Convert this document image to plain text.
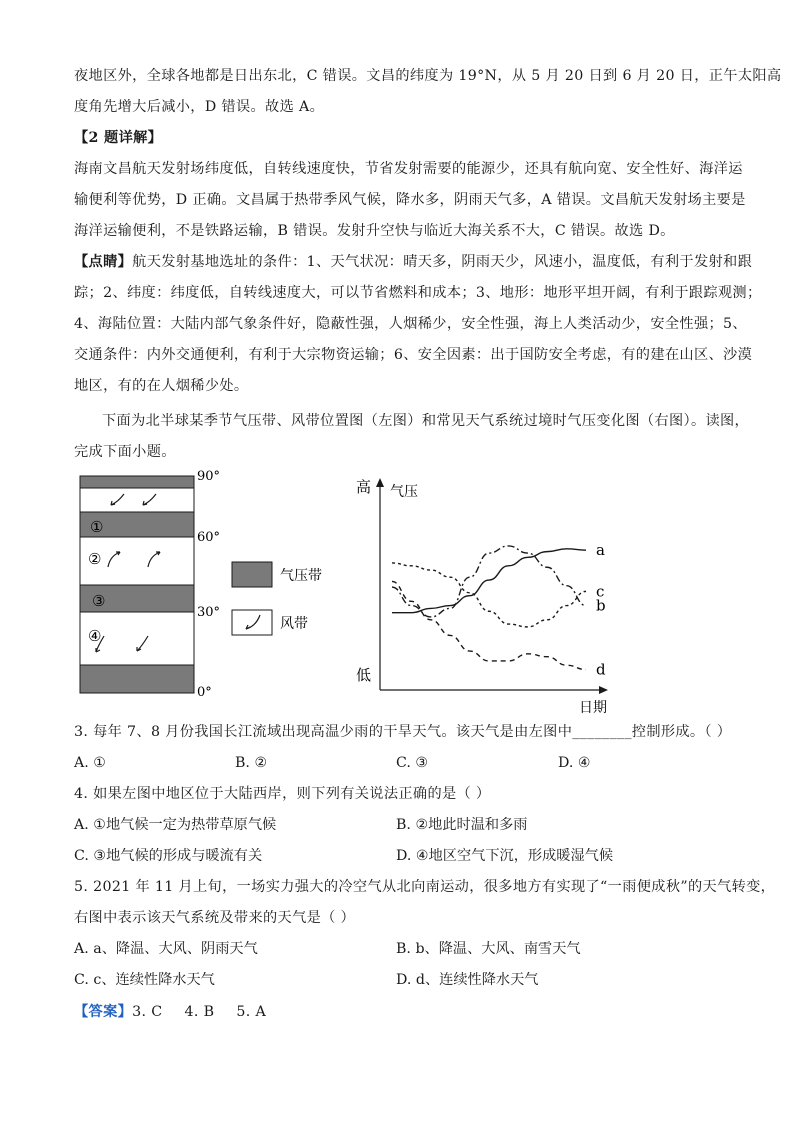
夜地区外，全球各地都是日出东北，C 错误。文昌的纬度为 19°N，从 5 月 20 日到 6 月 20 日，正午太阳高
度角先增大后减小，D 错误。故选 A。
【2 题详解】
海南文昌航天发射场纬度低，自转线速度快，节省发射需要的能源少，还具有航向宽、安全性好、海洋运
输便利等优势，D 正确。文昌属于热带季风气候，降水多，阴雨天气多，A 错误。文昌航天发射场主要是
海洋运输便利，不是铁路运输，B 错误。发射升空快与临近大海关系不大，C 错误。故选 D。
【点睛】航天发射基地选址的条件：1、天气状况：晴天多，阴雨天少，风速小，温度低，有利于发射和跟
踪；2、纬度：纬度低，自转线速度大，可以节省燃料和成本；3、地形：地形平坦开阔，有利于跟踪观测；
4、海陆位置：大陆内部气象条件好，隐蔽性强，人烟稀少，安全性强，海上人类活动少，安全性强；5、
交通条件：内外交通便利，有利于大宗物资运输；6、安全因素：出于国防安全考虑，有的建在山区、沙漠
地区，有的在人烟稀少处。
下面为北半球某季节气压带、风带位置图（左图）和常见天气系统过境时气压变化图（右图）。读图，
完成下面小题。
①
②
③
④
90°
60°
30°
0°
气压带
风带
高 气压
低
日期
a
b
c
d
3. 每年 7、8 月份我国长江流域出现高温少雨的干旱天气。该天气是由左图中________控制形成。（ ）
A. ①	B. ②	C. ③	D. ④
4. 如果左图中地区位于大陆西岸，则下列有关说法正确的是（ ）
A. ①地气候一定为热带草原气候	B. ②地此时温和多雨
C. ③地气候的形成与暖流有关	D. ④地区空气下沉，形成暖湿气候
5. 2021 年 11 月上旬，一场实力强大的冷空气从北向南运动，很多地方有实现了“一雨便成秋”的天气转变，
右图中表示该天气系统及带来的天气是（ ）
A. a、降温、大风、阴雨天气	B. b、降温、大风、南雪天气
C. c、连续性降水天气	D. d、连续性降水天气
【答案】3. C 4. B 5. A
